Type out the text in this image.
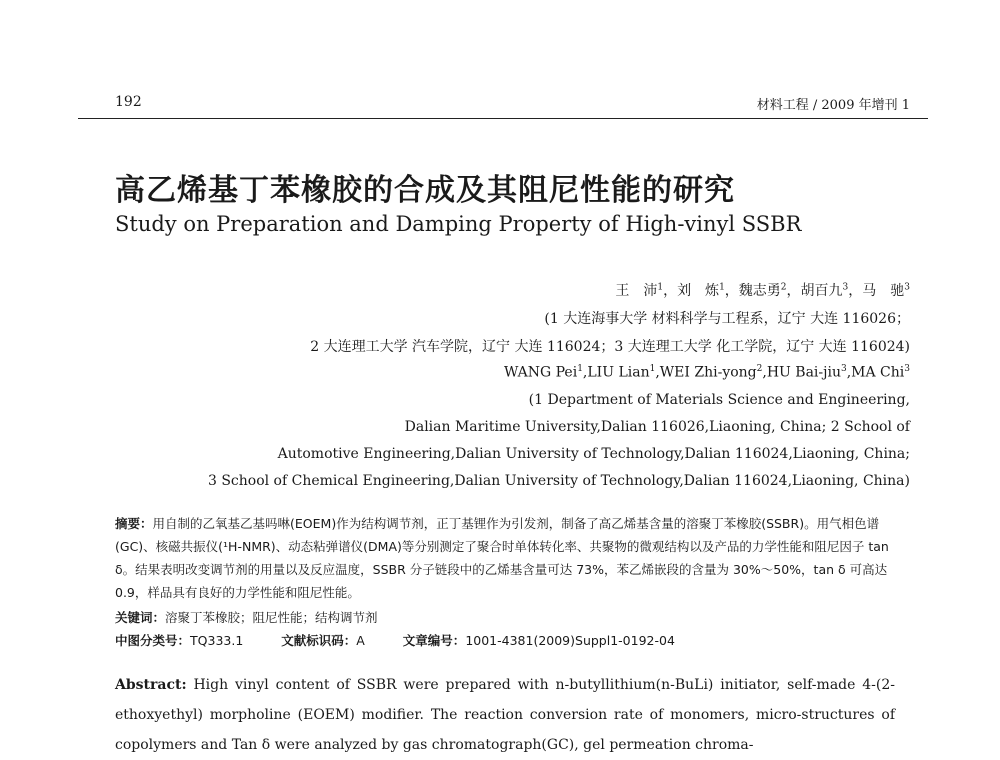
192	材料工程 / 2009 年增刊 1
高乙烯基丁苯橡胶的合成及其阻尼性能的研究
Study on Preparation and Damping Property of High-vinyl SSBR
王　沛$^1$，刘　炼$^1$，魏志勇$^2$，胡百九$^3$，马　驰$^3$
(1 大连海事大学 材料科学与工程系，辽宁 大连 116026；
2 大连理工大学 汽车学院，辽宁 大连 116024；3 大连理工大学 化工学院，辽宁 大连 116024)
WANG Pei$^1$,LIU Lian$^1$,WEI Zhi-yong$^2$,HU Bai-jiu$^3$,MA Chi$^3$
(1 Department of Materials Science and Engineering,
Dalian Maritime University,Dalian 116026,Liaoning, China; 2 School of
Automotive Engineering,Dalian University of Technology,Dalian 116024,Liaoning, China;
3 School of Chemical Engineering,Dalian University of Technology,Dalian 116024,Liaoning, China)
摘要：用自制的乙氧基乙基吗啉(EOEM)作为结构调节剂，正丁基锂作为引发剂，制备了高乙烯基含量的溶聚丁苯橡胶(SSBR)。用气相色谱(GC)、核磁共振仪(¹H-NMR)、动态粘弹谱仪(DMA)等分别测定了聚合时单体转化率、共聚物的微观结构以及产品的力学性能和阻尼因子 tan δ。结果表明改变调节剂的用量以及反应温度，SSBR 分子链段中的乙烯基含量可达 73%，苯乙烯嵌段的含量为 30%～50%，tan δ 可高达 0.9，样品具有良好的力学性能和阻尼性能。
关键词：溶聚丁苯橡胶；阻尼性能；结构调节剂
中图分类号：TQ333.1	文献标识码：A	文章编号：1001-4381(2009)Suppl1-0192-04
Abstract: High vinyl content of SSBR were prepared with n-butyllithium(n-BuLi) initiator, self-made 4-(2-ethoxyethyl) morpholine (EOEM) modifier. The reaction conversion rate of monomers, micro-structures of copolymers and Tan δ were analyzed by gas chromatograph(GC), gel permeation chroma-
